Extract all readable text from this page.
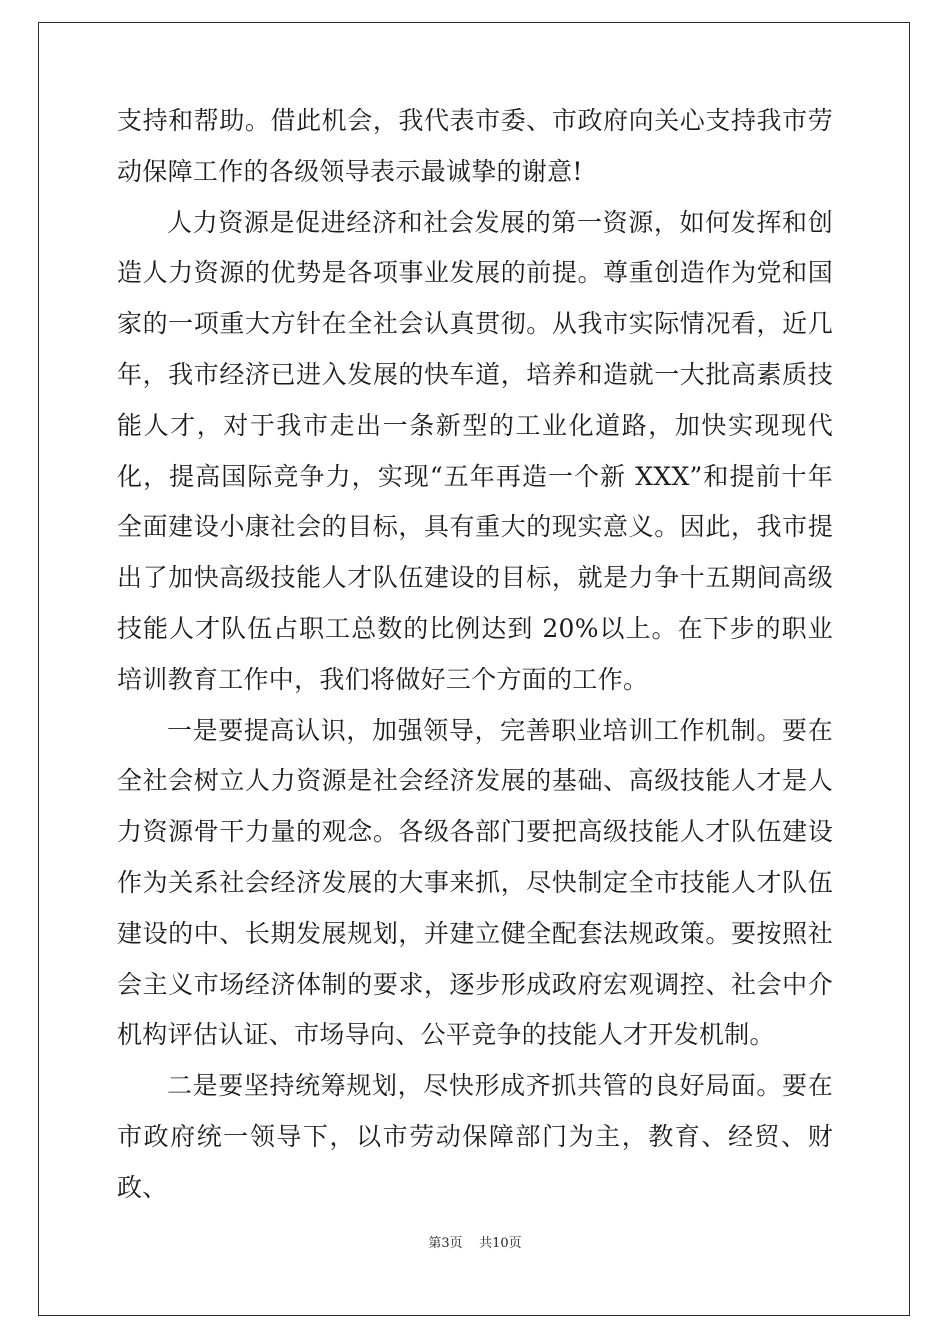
支持和帮助。借此机会，我代表市委、市政府向关心支持我市劳动保障工作的各级领导表示最诚挚的谢意!

人力资源是促进经济和社会发展的第一资源，如何发挥和创造人力资源的优势是各项事业发展的前提。尊重创造作为党和国家的一项重大方针在全社会认真贯彻。从我市实际情况看，近几年，我市经济已进入发展的快车道，培养和造就一大批高素质技能人才，对于我市走出一条新型的工业化道路，加快实现现代化，提高国际竞争力，实现“五年再造一个新 XXX”和提前十年全面建设小康社会的目标，具有重大的现实意义。因此，我市提出了加快高级技能人才队伍建设的目标，就是力争十五期间高级技能人才队伍占职工总数的比例达到 20%以上。在下步的职业培训教育工作中，我们将做好三个方面的工作。

一是要提高认识，加强领导，完善职业培训工作机制。要在全社会树立人力资源是社会经济发展的基础、高级技能人才是人力资源骨干力量的观念。各级各部门要把高级技能人才队伍建设作为关系社会经济发展的大事来抓，尽快制定全市技能人才队伍建设的中、长期发展规划，并建立健全配套法规政策。要按照社会主义市场经济体制的要求，逐步形成政府宏观调控、社会中介机构评估认证、市场导向、公平竞争的技能人才开发机制。

二是要坚持统筹规划，尽快形成齐抓共管的良好局面。要在市政府统一领导下，以市劳动保障部门为主，教育、经贸、财政、

第3页 共10页
